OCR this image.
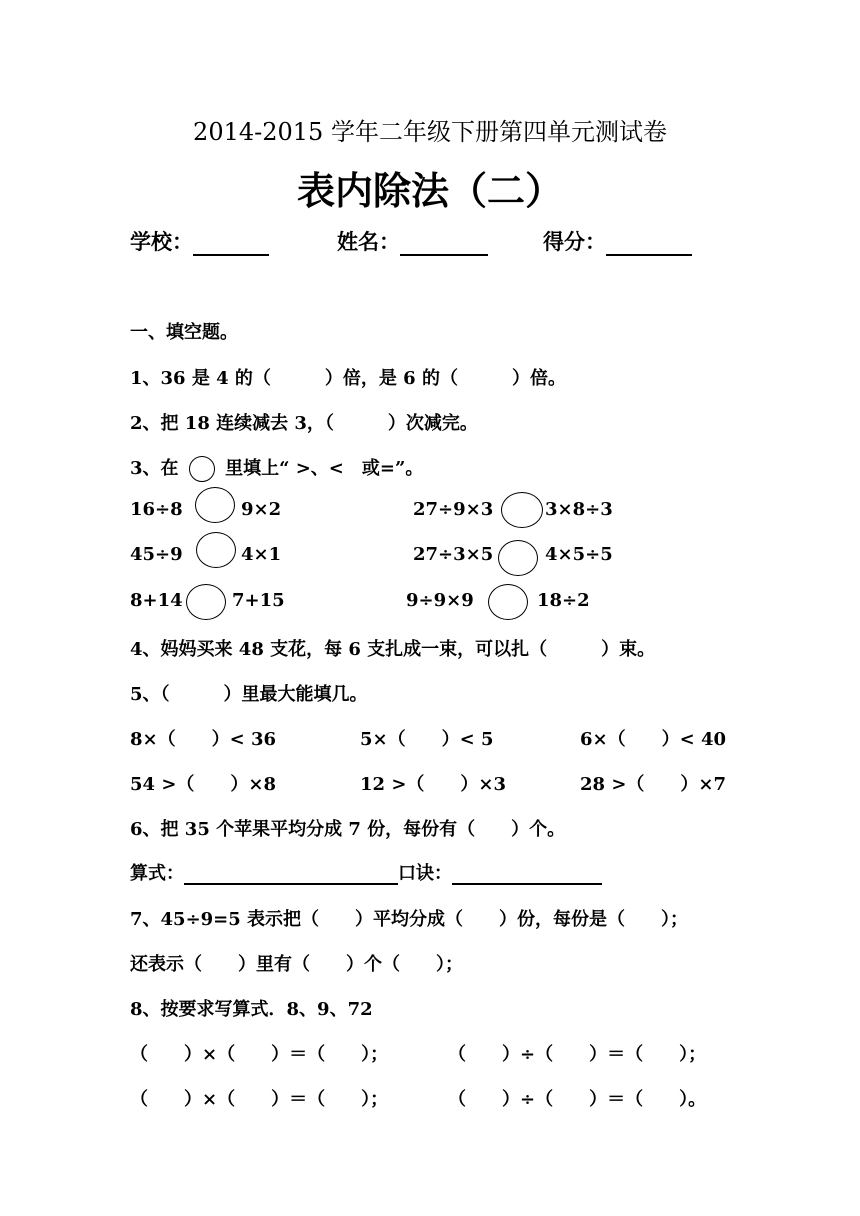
2014-2015 学年二年级下册第四单元测试卷
表内除法（二）
学校：	姓名：	得分：
一、填空题。
1、36 是 4 的（　　　）倍，是 6 的（　　　）倍。
2、把 18 连续减去 3，（　　　）次减完。
3、在	里填上“ >、<　或=”。
16÷8	9×2	27÷9×3	3×8÷3
45÷9	4×1	27÷3×5	4×5÷5
8+14	7+15	9÷9×9	18÷2
4、妈妈买来 48 支花，每 6 支扎成一束，可以扎（　　　）束。
5、（　　　）里最大能填几。
8×（　　）< 36	5×（　　）< 5	6×（　　）< 40
54 >（　　）×8	12 >（　　）×3	28 >（　　）×7
6、把 35 个苹果平均分成 7 份，每份有（　　）个。
算式：	口诀：
7、45÷9=5 表示把（　　）平均分成（　　）份，每份是（　　）；
还表示（　　）里有（　　）个（　　）；
8、按要求写算式．8、9、72
（　　）×（　　）＝（　　）；	（　　）÷（　　）＝（　　）；
（　　）×（　　）＝（　　）；	（　　）÷（　　）＝（　　）。
